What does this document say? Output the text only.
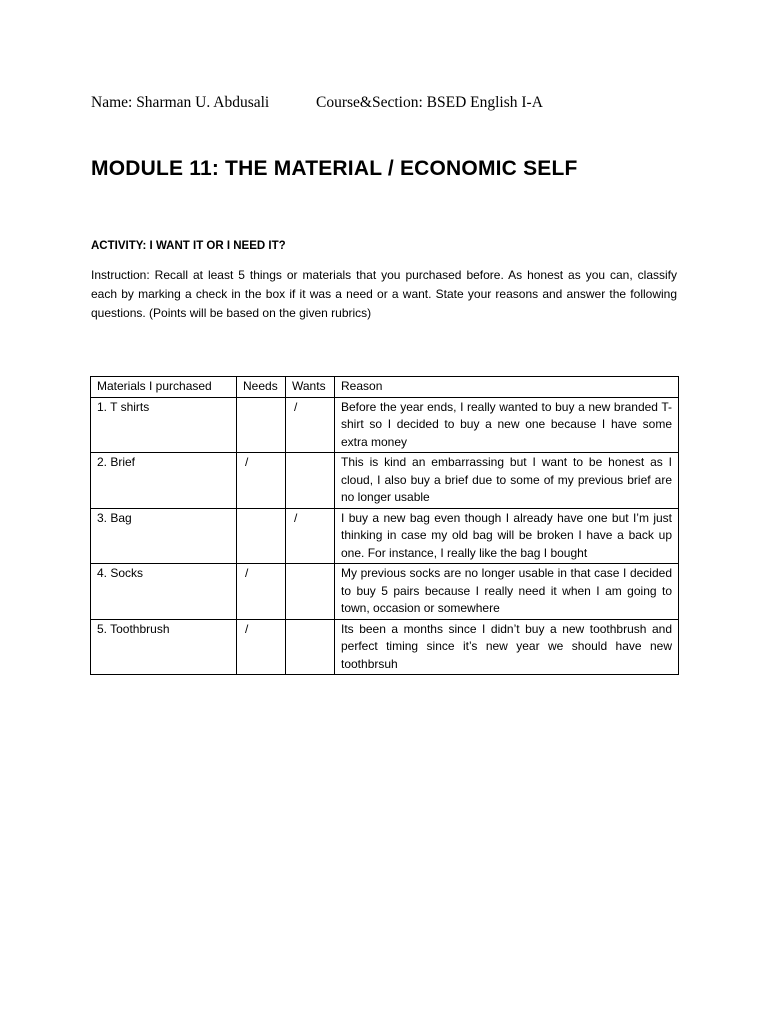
Name: Sharman U. Abdusali	Course&Section: BSED English I-A
MODULE 11: THE MATERIAL / ECONOMIC SELF
ACTIVITY: I WANT IT OR I NEED IT?
Instruction: Recall at least 5 things or materials that you purchased before. As honest as you can, classify each by marking a check in the box if it was a need or a want. State your reasons and answer the following questions. (Points will be based on the given rubrics)
Materials I purchased	Needs	Wants	Reason
1. T shirts		/	Before the year ends, I really wanted to buy a new branded T-shirt so I decided to buy a new one because I have some extra money
2. Brief	/		This is kind an embarrassing but I want to be honest as I cloud, I also buy a brief due to some of my previous brief are no longer usable
3. Bag		/	I buy a new bag even though I already have one but I’m just thinking in case my old bag will be broken I have a back up one. For instance, I really like the bag I bought
4. Socks	/		My previous socks are no longer usable in that case I decided to buy 5 pairs because I really need it when I am going to town, occasion or somewhere
5. Toothbrush	/		Its been a months since I didn’t buy a new toothbrush and perfect timing since it’s new year we should have new toothbrsuh
